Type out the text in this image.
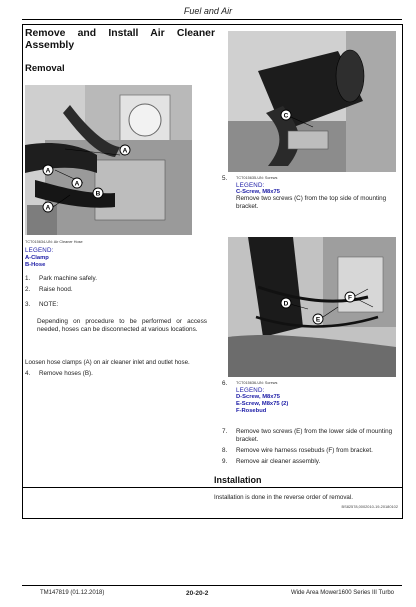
Fuel and Air
Remove and Install Air Cleaner
Assembly
Removal
A
A
A
A
B
TCT015634-UN: Air Cleaner Hose
LEGEND:
A-Clamp
B-Hose
1.	Park machine safely.
2.	Raise hood.
3.	NOTE:
Depending on procedure to be performed or access needed, hoses can be disconnected at various locations.
Loosen hose clamps (A) on air cleaner inlet and outlet hose.
4.	Remove hoses (B).
C
5.	TCT015635-UN: Screws
LEGEND:
C-Screw, M8x75
Remove two screws (C) from the top side of mounting bracket.
D
E
F
6.	TCT015636-UN: Screws
LEGEND:
D-Screw, M8x75
E-Screw, M8x75 (2)
F-Rosebud
7.	Remove two screws (E) from the lower side of mounting bracket.
8.	Remove wire harness rosebuds (F) from bracket.
9.	Remove air cleaner assembly.
Installation
Installation is done in the reverse order of removal.
BS82578,0002010-19-20180102
TM147819 (01.12.2018)	20-20-2	Wide Area Mower1600 Series III Turbo
